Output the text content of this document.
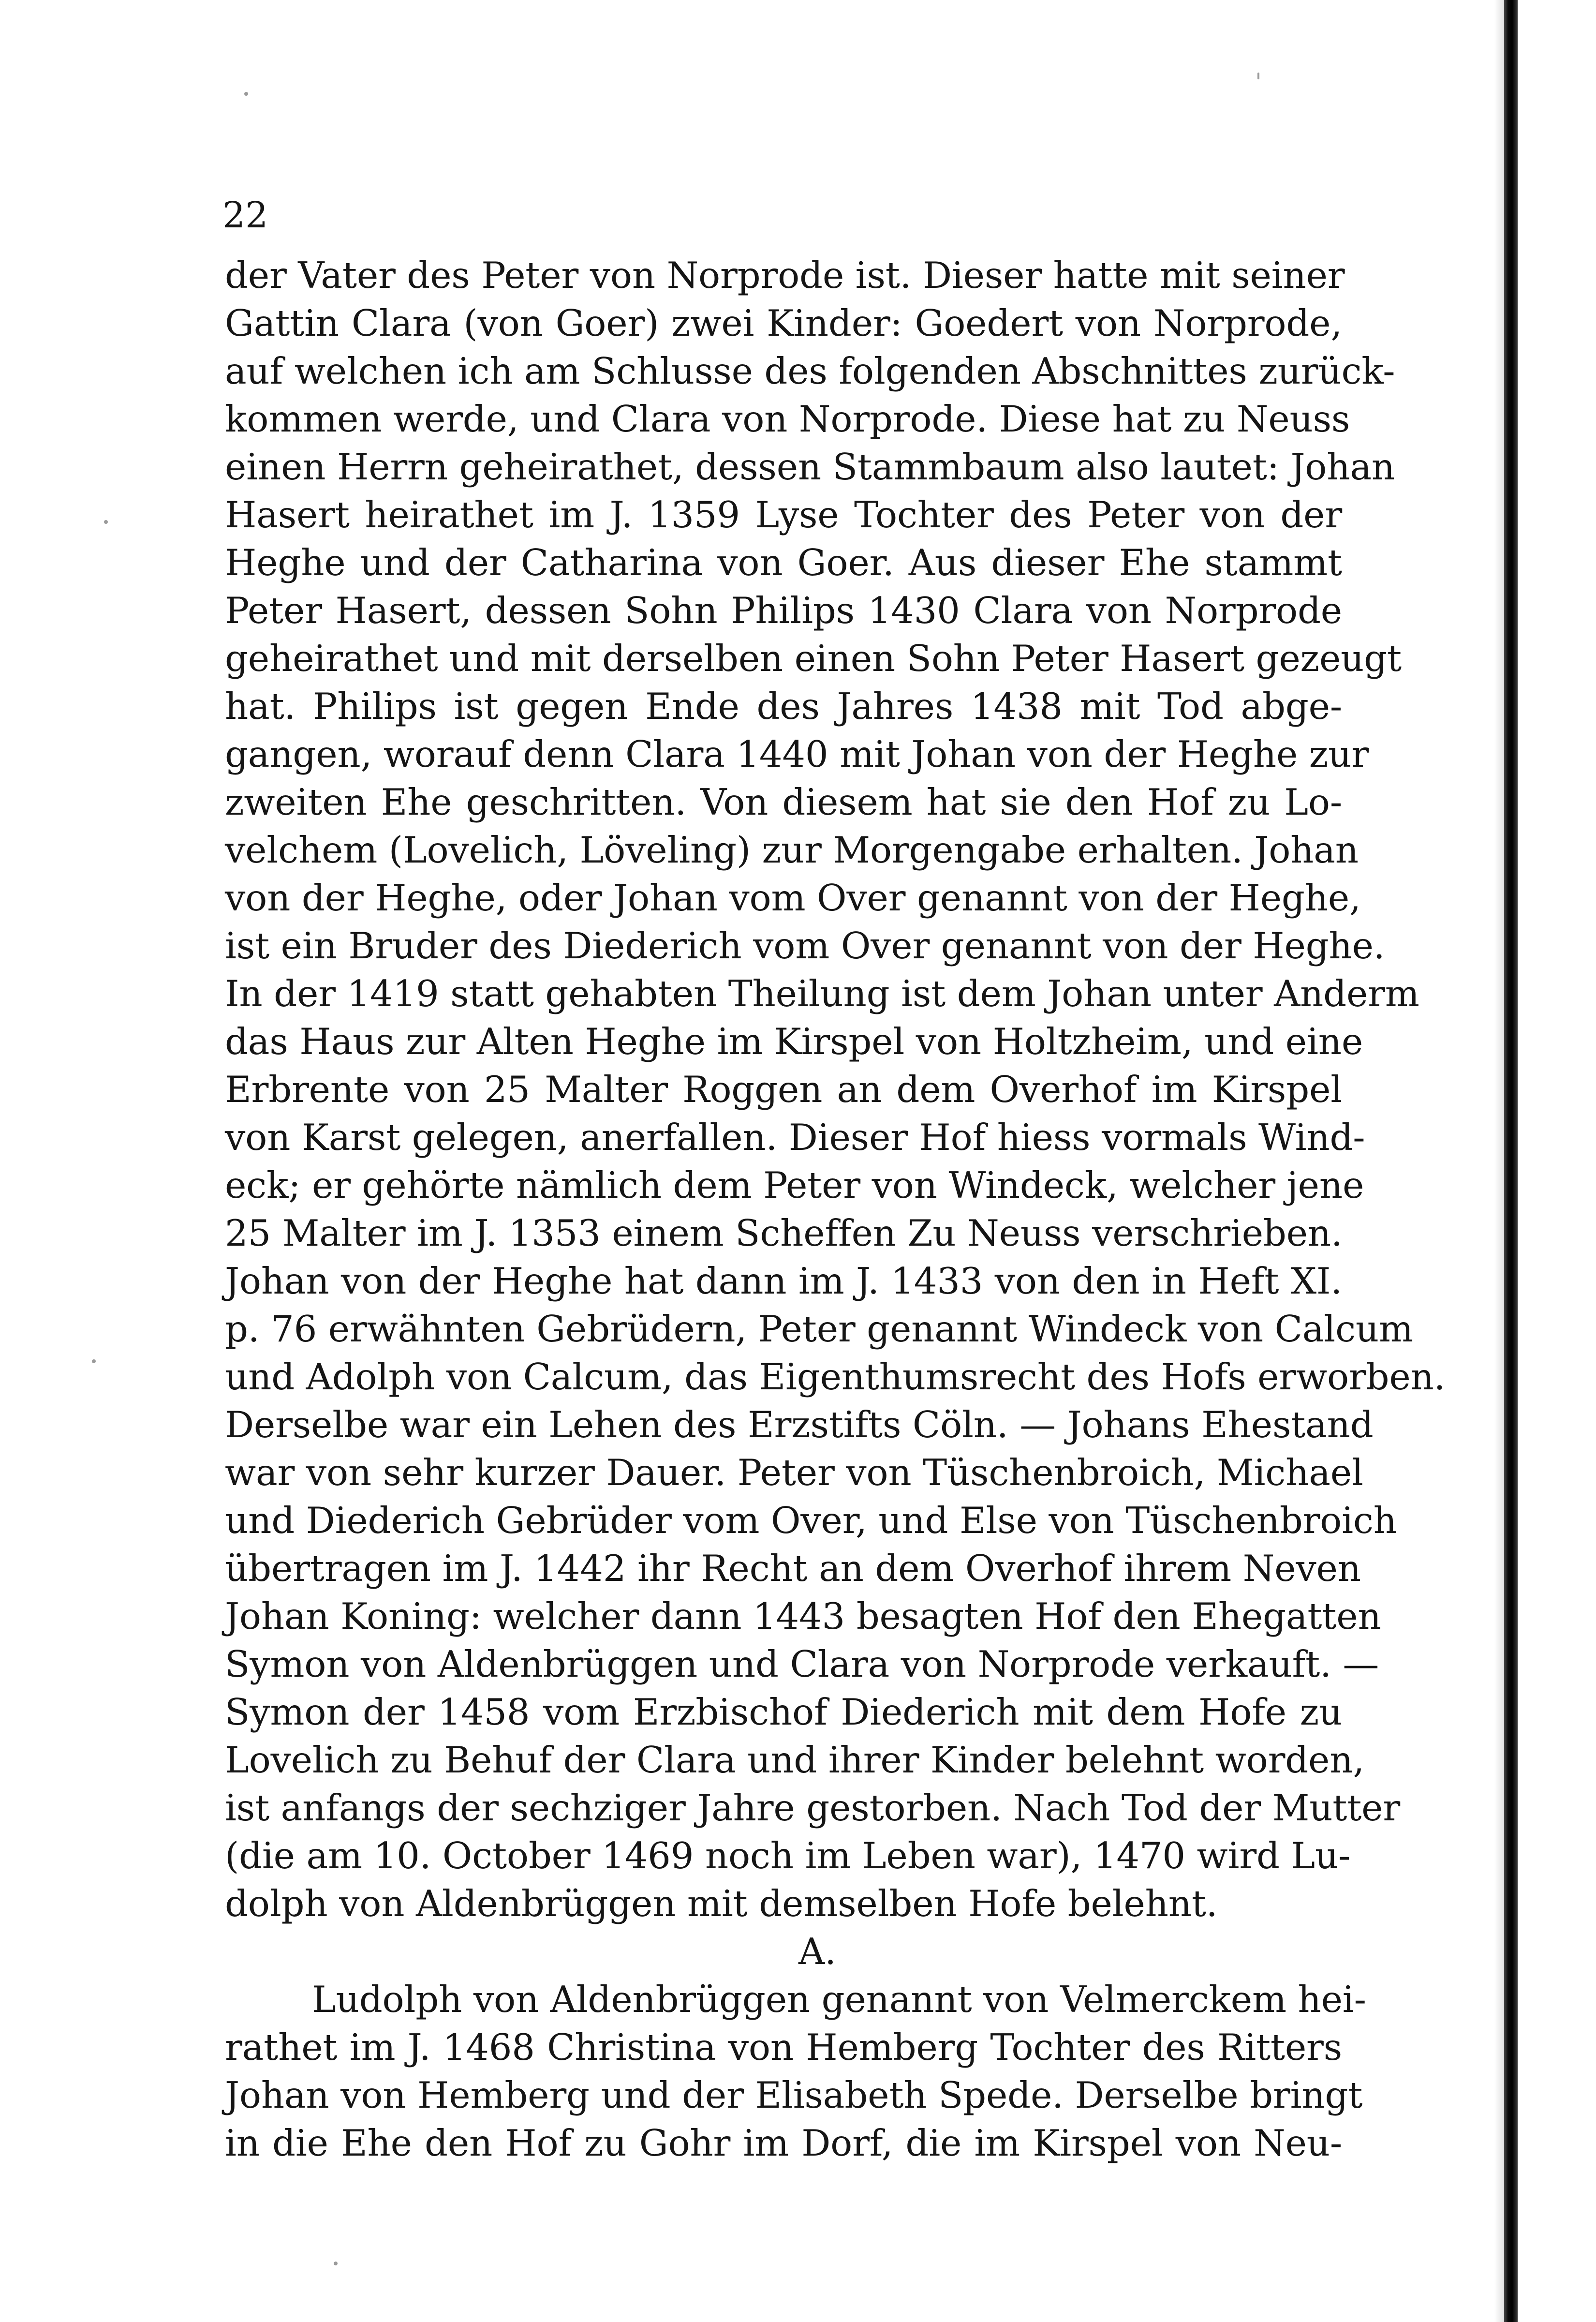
22
der Vater des Peter von Norprode ist. Dieser hatte mit seiner
Gattin Clara (von Goer) zwei Kinder: Goedert von Norprode,
auf welchen ich am Schlusse des folgenden Abschnittes zurück-
kommen werde, und Clara von Norprode. Diese hat zu Neuss
einen Herrn geheirathet, dessen Stammbaum also lautet: Johan
Hasert heirathet im J. 1359 Lyse Tochter des Peter von der
Heghe und der Catharina von Goer. Aus dieser Ehe stammt
Peter Hasert, dessen Sohn Philips 1430 Clara von Norprode
geheirathet und mit derselben einen Sohn Peter Hasert gezeugt
hat. Philips ist gegen Ende des Jahres 1438 mit Tod abge-
gangen, worauf denn Clara 1440 mit Johan von der Heghe zur
zweiten Ehe geschritten. Von diesem hat sie den Hof zu Lo-
velchem (Lovelich, Löveling) zur Morgengabe erhalten. Johan
von der Heghe, oder Johan vom Over genannt von der Heghe,
ist ein Bruder des Diederich vom Over genannt von der Heghe.
In der 1419 statt gehabten Theilung ist dem Johan unter Anderm
das Haus zur Alten Heghe im Kirspel von Holtzheim, und eine
Erbrente von 25 Malter Roggen an dem Overhof im Kirspel
von Karst gelegen, anerfallen. Dieser Hof hiess vormals Wind-
eck; er gehörte nämlich dem Peter von Windeck, welcher jene
25 Malter im J. 1353 einem Scheffen Zu Neuss verschrieben.
Johan von der Heghe hat dann im J. 1433 von den in Heft XI.
p. 76 erwähnten Gebrüdern, Peter genannt Windeck von Calcum
und Adolph von Calcum, das Eigenthumsrecht des Hofs erworben.
Derselbe war ein Lehen des Erzstifts Cöln. — Johans Ehestand
war von sehr kurzer Dauer. Peter von Tüschenbroich, Michael
und Diederich Gebrüder vom Over, und Else von Tüschenbroich
übertragen im J. 1442 ihr Recht an dem Overhof ihrem Neven
Johan Koning: welcher dann 1443 besagten Hof den Ehegatten
Symon von Aldenbrüggen und Clara von Norprode verkauft. —
Symon der 1458 vom Erzbischof Diederich mit dem Hofe zu
Lovelich zu Behuf der Clara und ihrer Kinder belehnt worden,
ist anfangs der sechziger Jahre gestorben. Nach Tod der Mutter
(die am 10. October 1469 noch im Leben war), 1470 wird Lu-
dolph von Aldenbrüggen mit demselben Hofe belehnt.
A.
Ludolph von Aldenbrüggen genannt von Velmerckem hei-
rathet im J. 1468 Christina von Hemberg Tochter des Ritters
Johan von Hemberg und der Elisabeth Spede. Derselbe bringt
in die Ehe den Hof zu Gohr im Dorf, die im Kirspel von Neu-
